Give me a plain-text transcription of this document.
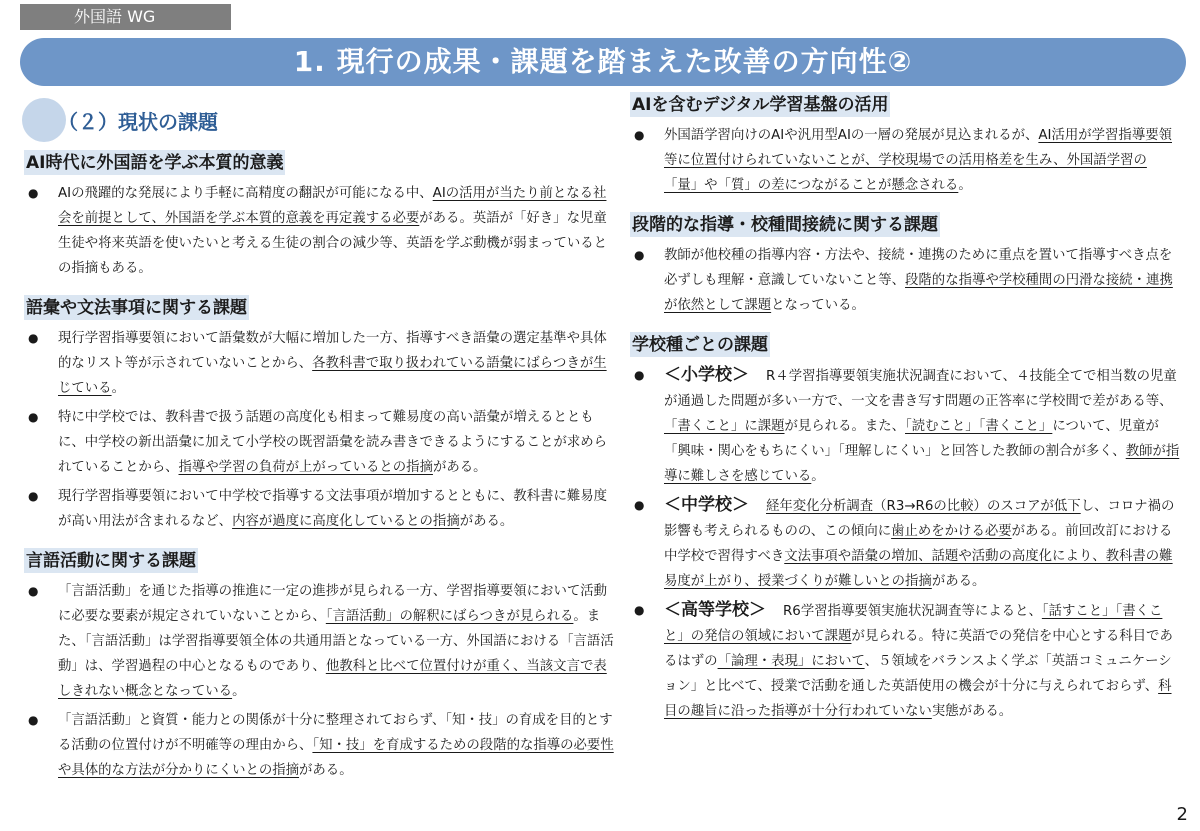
外国語 WG
1. 現行の成果・課題を踏まえた改善の方向性②
（２）現状の課題
AI時代に外国語を学ぶ本質的意義
● AIの飛躍的な発展により手軽に高精度の翻訳が可能になる中、AIの活用が当たり前となる社会を前提として、外国語を学ぶ本質的意義を再定義する必要がある。英語が「好き」な児童生徒や将来英語を使いたいと考える生徒の割合の減少等、英語を学ぶ動機が弱まっているとの指摘もある。
語彙や文法事項に関する課題
● 現行学習指導要領において語彙数が大幅に増加した一方、指導すべき語彙の選定基準や具体的なリスト等が示されていないことから、各教科書で取り扱われている語彙にばらつきが生じている。
● 特に中学校では、教科書で扱う話題の高度化も相まって難易度の高い語彙が増えるとともに、中学校の新出語彙に加えて小学校の既習語彙を読み書きできるようにすることが求められていることから、指導や学習の負荷が上がっているとの指摘がある。
● 現行学習指導要領において中学校で指導する文法事項が増加するとともに、教科書に難易度が高い用法が含まれるなど、内容が過度に高度化しているとの指摘がある。
言語活動に関する課題
● 「言語活動」を通じた指導の推進に一定の進捗が見られる一方、学習指導要領において活動に必要な要素が規定されていないことから、「言語活動」の解釈にばらつきが見られる。また、「言語活動」は学習指導要領全体の共通用語となっている一方、外国語における「言語活動」は、学習過程の中心となるものであり、他教科と比べて位置付けが重く、当該文言で表しきれない概念となっている。
● 「言語活動」と資質・能力との関係が十分に整理されておらず、「知・技」の育成を目的とする活動の位置付けが不明確等の理由から、「知・技」を育成するための段階的な指導の必要性や具体的な方法が分かりにくいとの指摘がある。
AIを含むデジタル学習基盤の活用
● 外国語学習向けのAIや汎用型AIの一層の発展が見込まれるが、AI活用が学習指導要領等に位置付けられていないことが、学校現場での活用格差を生み、外国語学習の「量」や「質」の差につながることが懸念される。
段階的な指導・校種間接続に関する課題
● 教師が他校種の指導内容・方法や、接続・連携のために重点を置いて指導すべき点を必ずしも理解・意識していないこと等、段階的な指導や学校種間の円滑な接続・連携が依然として課題となっている。
学校種ごとの課題
● ＜小学校＞　R４学習指導要領実施状況調査において、４技能全てで相当数の児童が通過した問題が多い一方で、一文を書き写す問題の正答率に学校間で差がある等、「書くこと」に課題が見られる。また、「読むこと」「書くこと」について、児童が「興味・関心をもちにくい」「理解しにくい」と回答した教師の割合が多く、教師が指導に難しさを感じている。
● ＜中学校＞　経年変化分析調査（R3→R6の比較）のスコアが低下し、コロナ禍の影響も考えられるものの、この傾向に歯止めをかける必要がある。前回改訂における中学校で習得すべき文法事項や語彙の増加、話題や活動の高度化により、教科書の難易度が上がり、授業づくりが難しいとの指摘がある。
● ＜高等学校＞　R6学習指導要領実施状況調査等によると、「話すこと」「書くこと」の発信の領域において課題が見られる。特に英語での発信を中心とする科目であるはずの「論理・表現」において、５領域をバランスよく学ぶ「英語コミュニケーション」と比べて、授業で活動を通した英語使用の機会が十分に与えられておらず、科目の趣旨に沿った指導が十分行われていない実態がある。
2
